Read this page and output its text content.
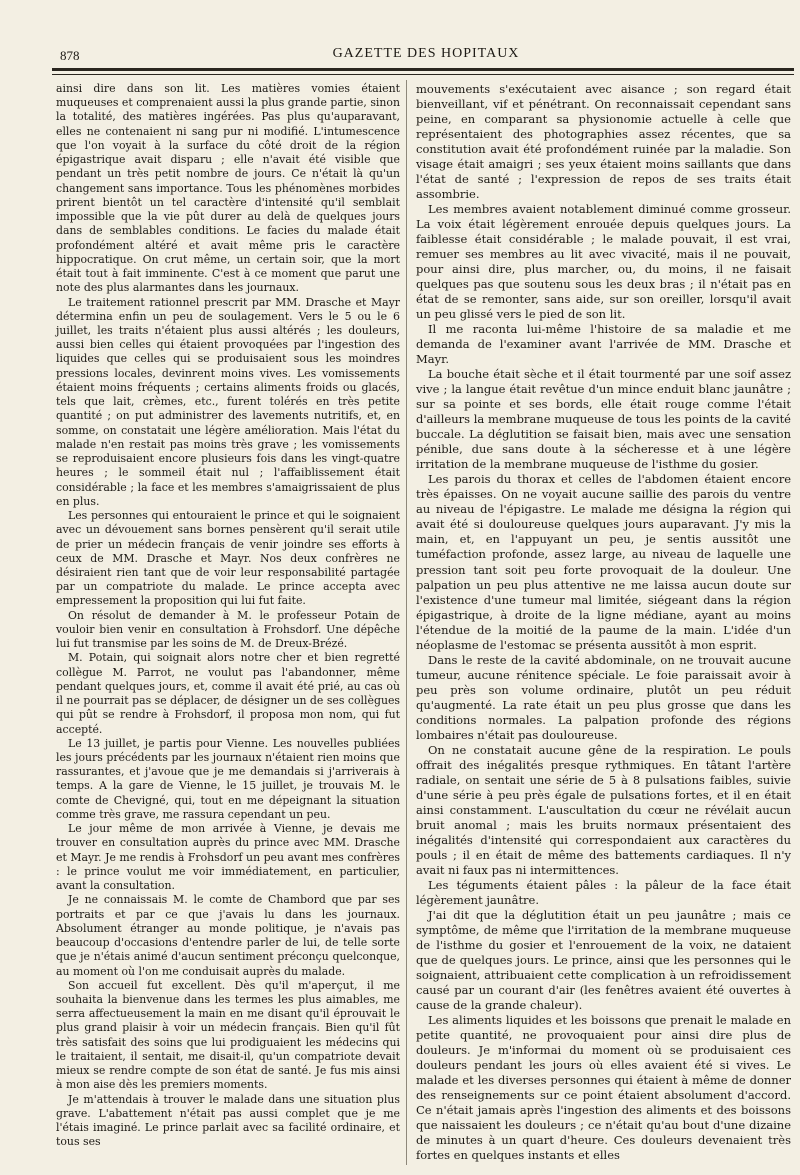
878	GAZETTE DES HOPITAUX

ainsi dire dans son lit. Les matières vomies étaient muqueuses et comprenaient aussi la plus grande partie, sinon la totalité, des matières ingérées. Pas plus qu'auparavant, elles ne contenaient ni sang pur ni modifié. L'intumescence que l'on voyait à la surface du côté droit de la région épigastrique avait disparu ; elle n'avait été visible que pendant un très petit nombre de jours. Ce n'était là qu'un changement sans importance. Tous les phénomènes morbides prirent bientôt un tel caractère d'intensité qu'il semblait impossible que la vie pût durer au delà de quelques jours dans de semblables conditions. Le facies du malade était profondément altéré et avait même pris le caractère hippocratique. On crut même, un certain soir, que la mort était tout à fait imminente. C'est à ce moment que parut une note des plus alarmantes dans les journaux.

Le traitement rationnel prescrit par MM. Drasche et Mayr détermina enfin un peu de soulagement. Vers le 5 ou le 6 juillet, les traits n'étaient plus aussi altérés ; les douleurs, aussi bien celles qui étaient provoquées par l'ingestion des liquides que celles qui se produisaient sous les moindres pressions locales, devinrent moins vives. Les vomissements étaient moins fréquents ; certains aliments froids ou glacés, tels que lait, crèmes, etc., furent tolérés en très petite quantité ; on put administrer des lavements nutritifs, et, en somme, on constatait une légère amélioration. Mais l'état du malade n'en restait pas moins très grave ; les vomissements se reproduisaient encore plusieurs fois dans les vingt-quatre heures ; le sommeil était nul ; l'affaiblissement était considérable ; la face et les membres s'amaigrissaient de plus en plus.

Les personnes qui entouraient le prince et qui le soignaient avec un dévouement sans bornes pensèrent qu'il serait utile de prier un médecin français de venir joindre ses efforts à ceux de MM. Drasche et Mayr. Nos deux confrères ne désiraient rien tant que de voir leur responsabilité partagée par un compatriote du malade. Le prince accepta avec empressement la proposition qui lui fut faite.

On résolut de demander à M. le professeur Potain de vouloir bien venir en consultation à Frohsdorf. Une dépêche lui fut transmise par les soins de M. de Dreux-Brézé.

M. Potain, qui soignait alors notre cher et bien regretté collègue M. Parrot, ne voulut pas l'abandonner, même pendant quelques jours, et, comme il avait été prié, au cas où il ne pourrait pas se déplacer, de désigner un de ses collègues qui pût se rendre à Frohsdorf, il proposa mon nom, qui fut accepté.

Le 13 juillet, je partis pour Vienne. Les nouvelles publiées les jours précédents par les journaux n'étaient rien moins que rassurantes, et j'avoue que je me demandais si j'arriverais à temps. A la gare de Vienne, le 15 juillet, je trouvais M. le comte de Chevigné, qui, tout en me dépeignant la situation comme très grave, me rassura cependant un peu.

Le jour même de mon arrivée à Vienne, je devais me trouver en consultation auprès du prince avec MM. Drasche et Mayr. Je me rendis à Frohsdorf un peu avant mes confrères : le prince voulut me voir immédiatement, en particulier, avant la consultation.

Je ne connaissais M. le comte de Chambord que par ses portraits et par ce que j'avais lu dans les journaux. Absolument étranger au monde politique, je n'avais pas beaucoup d'occasions d'entendre parler de lui, de telle sorte que je n'étais animé d'aucun sentiment préconçu quelconque, au moment où l'on me conduisait auprès du malade.

Son accueil fut excellent. Dès qu'il m'aperçut, il me souhaita la bienvenue dans les termes les plus aimables, me serra affectueusement la main en me disant qu'il éprouvait le plus grand plaisir à voir un médecin français. Bien qu'il fût très satisfait des soins que lui prodiguaient les médecins qui le traitaient, il sentait, me disait-il, qu'un compatriote devait mieux se rendre compte de son état de santé. Je fus mis ainsi à mon aise dès les premiers moments.

Je m'attendais à trouver le malade dans une situation plus grave. L'abattement n'était pas aussi complet que je me l'étais imaginé. Le prince parlait avec sa facilité ordinaire, et tous ses

mouvements s'exécutaient avec aisance ; son regard était bienveillant, vif et pénétrant. On reconnaissait cependant sans peine, en comparant sa physionomie actuelle à celle que représentaient des photographies assez récentes, que sa constitution avait été profondément ruinée par la maladie. Son visage était amaigri ; ses yeux étaient moins saillants que dans l'état de santé ; l'expression de repos de ses traits était assombrie.

Les membres avaient notablement diminué comme grosseur. La voix était légèrement enrouée depuis quelques jours. La faiblesse était considérable ; le malade pouvait, il est vrai, remuer ses membres au lit avec vivacité, mais il ne pouvait, pour ainsi dire, plus marcher, ou, du moins, il ne faisait quelques pas que soutenu sous les deux bras ; il n'était pas en état de se remonter, sans aide, sur son oreiller, lorsqu'il avait un peu glissé vers le pied de son lit.

Il me raconta lui-même l'histoire de sa maladie et me demanda de l'examiner avant l'arrivée de MM. Drasche et Mayr.

La bouche était sèche et il était tourmenté par une soif assez vive ; la langue était revêtue d'un mince enduit blanc jaunâtre ; sur sa pointe et ses bords, elle était rouge comme l'était d'ailleurs la membrane muqueuse de tous les points de la cavité buccale. La déglutition se faisait bien, mais avec une sensation pénible, due sans doute à la sécheresse et à une légère irritation de la membrane muqueuse de l'isthme du gosier.

Les parois du thorax et celles de l'abdomen étaient encore très épaisses. On ne voyait aucune saillie des parois du ventre au niveau de l'épigastre. Le malade me désigna la région qui avait été si douloureuse quelques jours auparavant. J'y mis la main, et, en l'appuyant un peu, je sentis aussitôt une tuméfaction profonde, assez large, au niveau de laquelle une pression tant soit peu forte provoquait de la douleur. Une palpation un peu plus attentive ne me laissa aucun doute sur l'existence d'une tumeur mal limitée, siégeant dans la région épigastrique, à droite de la ligne médiane, ayant au moins l'étendue de la moitié de la paume de la main. L'idée d'un néoplasme de l'estomac se présenta aussitôt à mon esprit.

Dans le reste de la cavité abdominale, on ne trouvait aucune tumeur, aucune rénitence spéciale. Le foie paraissait avoir à peu près son volume ordinaire, plutôt un peu réduit qu'augmenté. La rate était un peu plus grosse que dans les conditions normales. La palpation profonde des régions lombaires n'était pas douloureuse.

On ne constatait aucune gêne de la respiration. Le pouls offrait des inégalités presque rythmiques. En tâtant l'artère radiale, on sentait une série de 5 à 8 pulsations faibles, suivie d'une série à peu près égale de pulsations fortes, et il en était ainsi constamment. L'auscultation du cœur ne révélait aucun bruit anomal ; mais les bruits normaux présentaient des inégalités d'intensité qui correspondaient aux caractères du pouls ; il en était de même des battements cardiaques. Il n'y avait ni faux pas ni intermittences.

Les téguments étaient pâles : la pâleur de la face était légèrement jaunâtre.

J'ai dit que la déglutition était un peu jaunâtre ; mais ce symptôme, de même que l'irritation de la membrane muqueuse de l'isthme du gosier et l'enrouement de la voix, ne dataient que de quelques jours. Le prince, ainsi que les personnes qui le soignaient, attribuaient cette complication à un refroidissement causé par un courant d'air (les fenêtres avaient été ouvertes à cause de la grande chaleur).

Les aliments liquides et les boissons que prenait le malade en petite quantité, ne provoquaient pour ainsi dire plus de douleurs. Je m'informai du moment où se produisaient ces douleurs pendant les jours où elles avaient été si vives. Le malade et les diverses personnes qui étaient à même de donner des renseignements sur ce point étaient absolument d'accord. Ce n'était jamais après l'ingestion des aliments et des boissons que naissaient les douleurs ; ce n'était qu'au bout d'une dizaine de minutes à un quart d'heure. Ces douleurs devenaient très fortes en quelques instants et elles
